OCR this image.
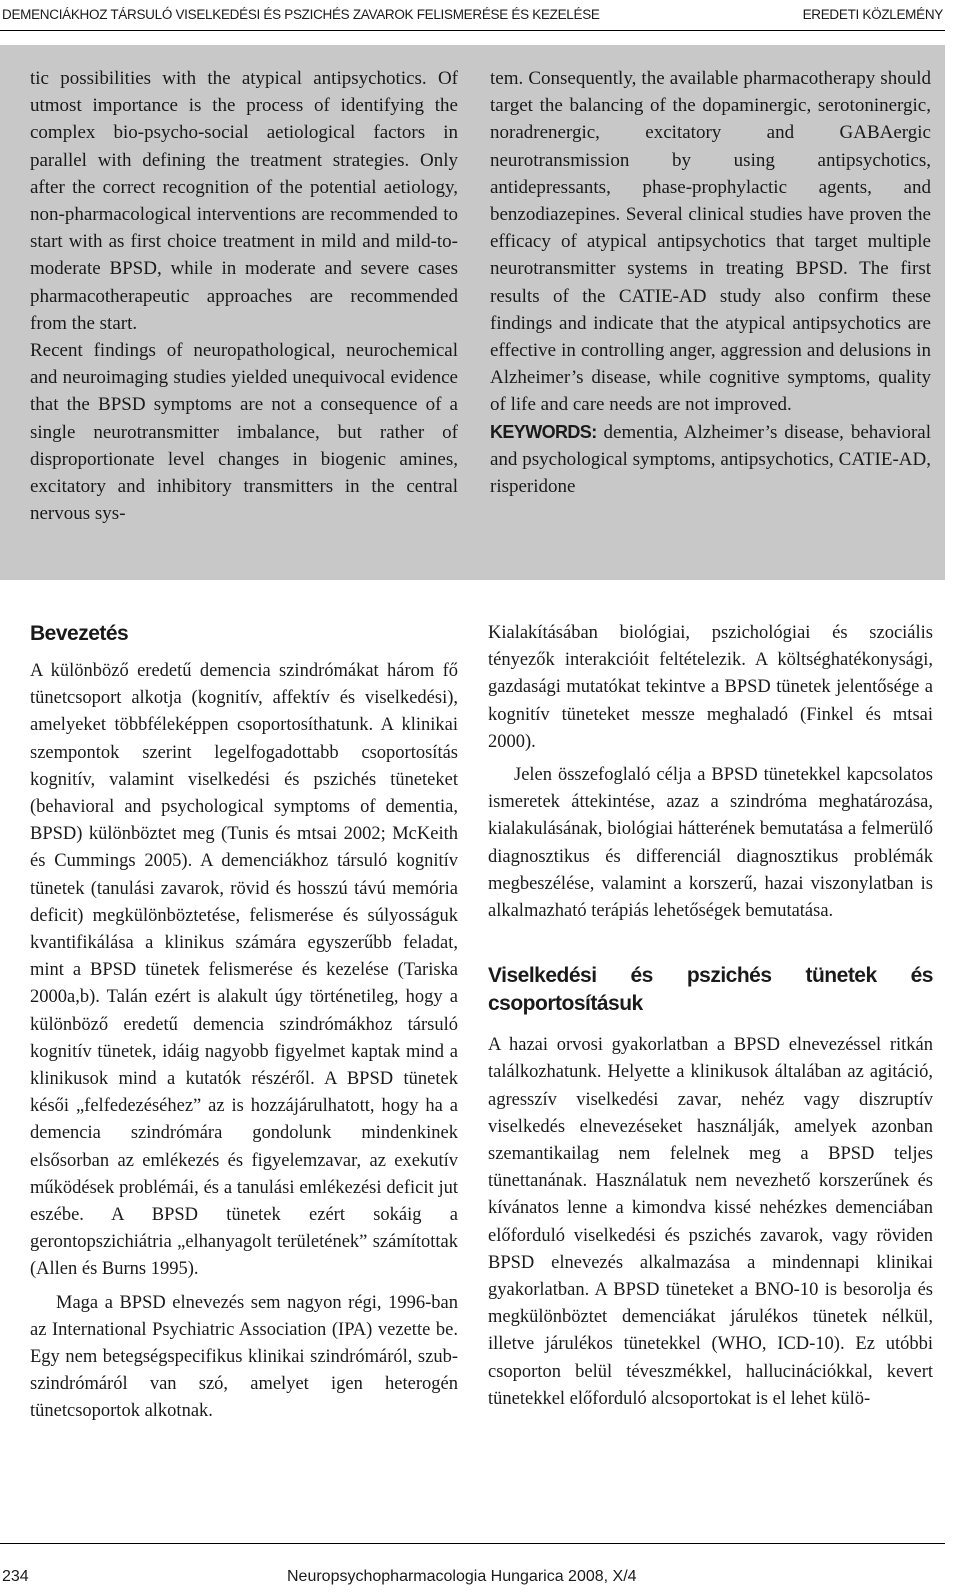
DEMENCIÁKHOZ TÁRSULÓ VISELKEDÉSI ÉS PSZICHÉS ZAVAROK FELISMERÉSE ÉS KEZELÉSE	EREDETI KÖZLEMÉNY

tic possibilities with the atypical antipsychotics. Of utmost importance is the process of identifying the complex bio-psycho-social aetiological factors in parallel with defining the treatment strategies. Only after the correct recognition of the potential aetiology, non-pharmacological interventions are recommended to start with as first choice treatment in mild and mild-to-moderate BPSD, while in moderate and severe cases pharmacotherapeutic approaches are recommended from the start.

Recent findings of neuropathological, neurochemical and neuroimaging studies yielded unequivocal evidence that the BPSD symptoms are not a consequence of a single neurotransmitter imbalance, but rather of disproportionate level changes in biogenic amines, excitatory and inhibitory transmitters in the central nervous sys-

tem. Consequently, the available pharmacotherapy should target the balancing of the dopaminergic, serotoninergic, noradrenergic, excitatory and GABAergic neurotransmission by using antipsychotics, antidepressants, phase-prophylactic agents, and benzodiazepines. Several clinical studies have proven the efficacy of atypical antipsychotics that target multiple neurotransmitter systems in treating BPSD. The first results of the CATIE-AD study also confirm these findings and indicate that the atypical antipsychotics are effective in controlling anger, aggression and delusions in Alzheimer’s disease, while cognitive symptoms, quality of life and care needs are not improved.

KEYWORDS: dementia, Alzheimer’s disease, behavioral and psychological symptoms, antipsychotics, CATIE-AD, risperidone

Bevezetés

A különböző eredetű demencia szindrómákat három fő tünetcsoport alkotja (kognitív, affektív és viselkedési), amelyeket többféleképpen csoportosíthatunk. A klinikai szempontok szerint legelfogadottabb csoportosítás kognitív, valamint viselkedési és pszichés tüneteket (behavioral and psychological symptoms of dementia, BPSD) különböztet meg (Tunis és mtsai 2002; McKeith és Cummings 2005). A demenciákhoz társuló kognitív tünetek (tanulási zavarok, rövid és hosszú távú memória deficit) megkülönböztetése, felismerése és súlyosságuk kvantifikálása a klinikus számára egyszerűbb feladat, mint a BPSD tünetek felismerése és kezelése (Tariska 2000a,b). Talán ezért is alakult úgy történetileg, hogy a különböző eredetű demencia szindrómákhoz társuló kognitív tünetek, idáig nagyobb figyelmet kaptak mind a klinikusok mind a kutatók részéről. A BPSD tünetek késői „felfedezéséhez” az is hozzájárulhatott, hogy ha a demencia szindrómára gondolunk mindenkinek elsősorban az emlékezés és figyelemzavar, az exekutív működések problémái, és a tanulási emlékezési deficit jut eszébe. A BPSD tünetek ezért sokáig a gerontopszichiátria „elhanyagolt területének” számítottak (Allen és Burns 1995).

Maga a BPSD elnevezés sem nagyon régi, 1996-ban az International Psychiatric Association (IPA) vezette be. Egy nem betegségspecifikus klinikai szindrómáról, szub-szindrómáról van szó, amelyet igen heterogén tünetcsoportok alkotnak.

Kialakításában biológiai, pszichológiai és szociális tényezők interakcióit feltételezik. A költséghatékonysági, gazdasági mutatókat tekintve a BPSD tünetek jelentősége a kognitív tüneteket messze meghaladó (Finkel és mtsai 2000).

Jelen összefoglaló célja a BPSD tünetekkel kapcsolatos ismeretek áttekintése, azaz a szindróma meghatározása, kialakulásának, biológiai hátterének bemutatása a felmerülő diagnosztikus és differenciál diagnosztikus problémák megbeszélése, valamint a korszerű, hazai viszonylatban is alkalmazható terápiás lehetőségek bemutatása.

Viselkedési és pszichés tünetek és csoportosításuk

A hazai orvosi gyakorlatban a BPSD elnevezéssel ritkán találkozhatunk. Helyette a klinikusok általában az agitáció, agresszív viselkedési zavar, nehéz vagy diszruptív viselkedés elnevezéseket használják, amelyek azonban szemantikailag nem felelnek meg a BPSD teljes tünettanának. Használatuk nem nevezhető korszerűnek és kívánatos lenne a kimondva kissé nehézkes demenciában előforduló viselkedési és pszichés zavarok, vagy röviden BPSD elnevezés alkalmazása a mindennapi klinikai gyakorlatban. A BPSD tüneteket a BNO-10 is besorolja és megkülönböztet demenciákat járulékos tünetek nélkül, illetve járulékos tünetekkel (WHO, ICD-10). Ez utóbbi csoporton belül téveszmékkel, hallucinációkkal, kevert tünetekkel előforduló alcsoportokat is el lehet külö-

234	Neuropsychopharmacologia Hungarica 2008, X/4
